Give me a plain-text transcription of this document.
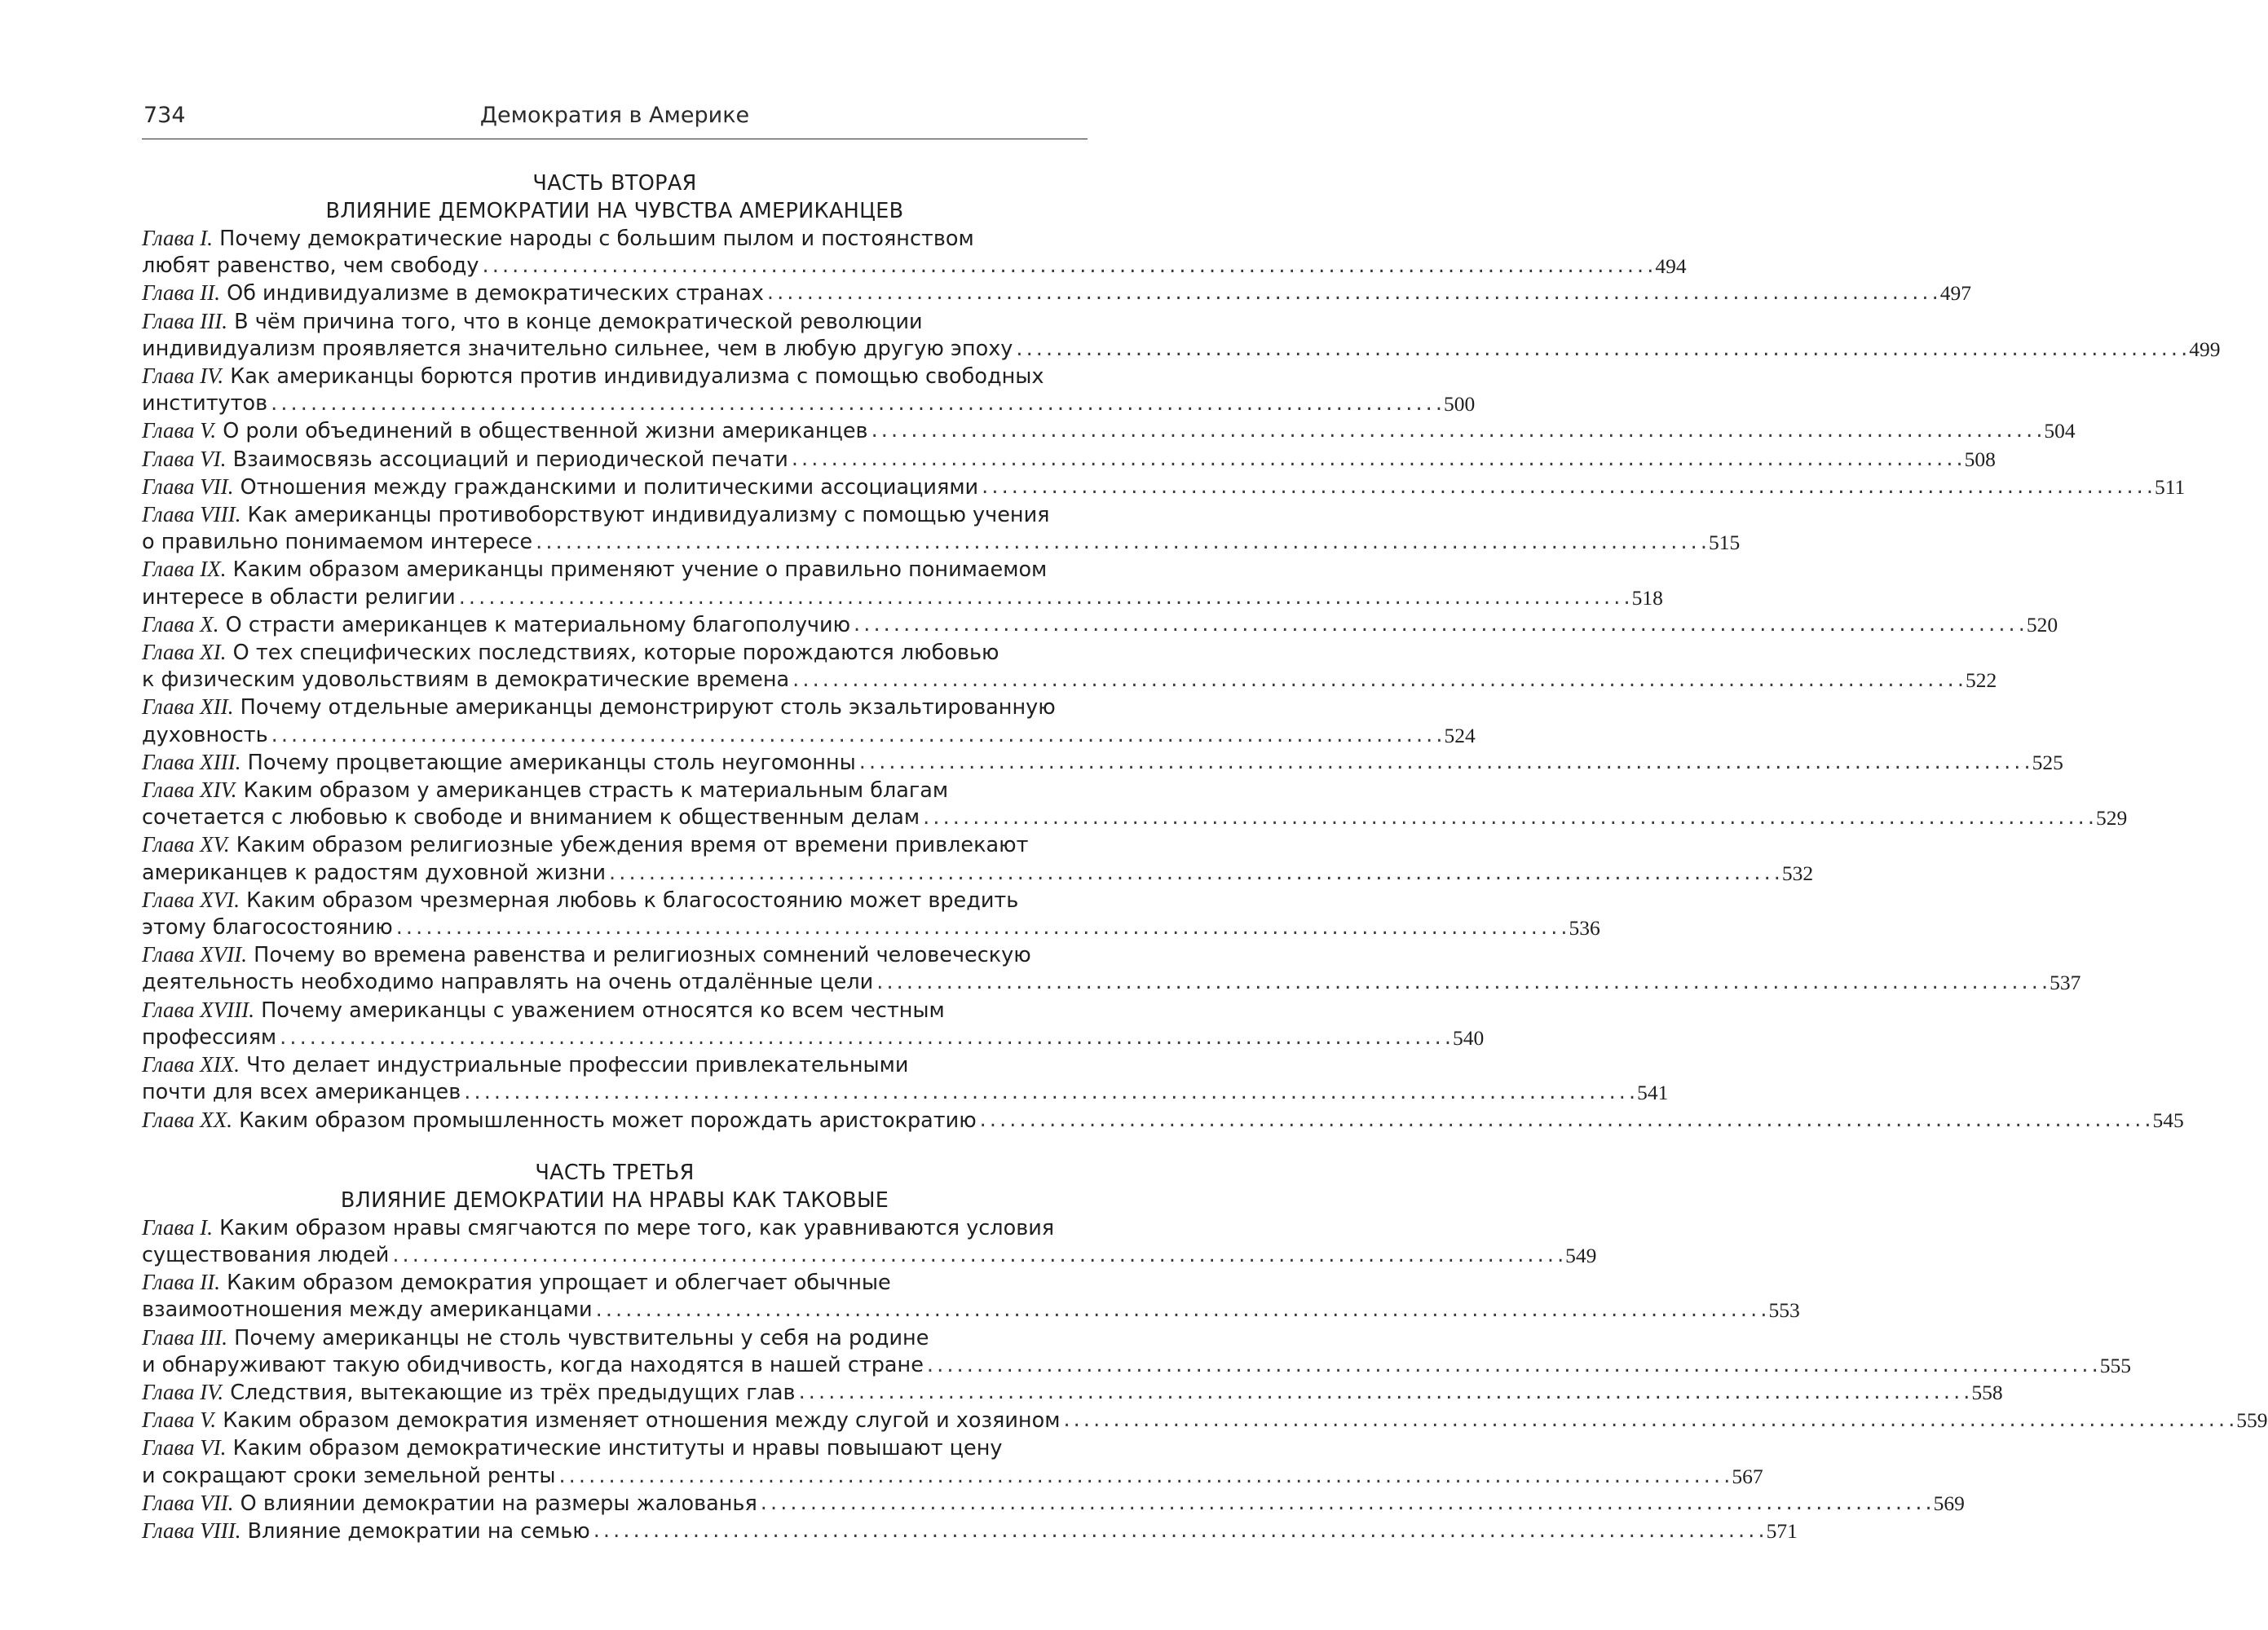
734	Демократия в Америке
ЧАСТЬ ВТОРАЯ
ВЛИЯНИЕ ДЕМОКРАТИИ НА ЧУВСТВА АМЕРИКАНЦЕВ
Глава I. Почему демократические народы с большим пылом и постоянством
любят равенство, чем свободу . . .	494
Глава II. Об индивидуализме в демократических странах . . .	497
Глава III. В чём причина того, что в конце демократической революции
индивидуализм проявляется значительно сильнее, чем в любую другую эпоху . . .	499
Глава IV. Как американцы борются против индивидуализма с помощью свободных
институтов . . .	500
Глава V. О роли объединений в общественной жизни американцев . . .	504
Глава VI. Взаимосвязь ассоциаций и периодической печати . . .	508
Глава VII. Отношения между гражданскими и политическими ассоциациями . . .	511
Глава VIII. Как американцы противоборствуют индивидуализму с помощью учения
о правильно понимаемом интересе . . .	515
Глава IX. Каким образом американцы применяют учение о правильно понимаемом
интересе в области религии . . .	518
Глава X. О страсти американцев к материальному благополучию . . .	520
Глава XI. О тех специфических последствиях, которые порождаются любовью
к физическим удовольствиям в демократические времена . . .	522
Глава XII. Почему отдельные американцы демонстрируют столь экзальтированную
духовность . . .	524
Глава XIII. Почему процветающие американцы столь неугомонны . . .	525
Глава XIV. Каким образом у американцев страсть к материальным благам
сочетается с любовью к свободе и вниманием к общественным делам . . .	529
Глава XV. Каким образом религиозные убеждения время от времени привлекают
американцев к радостям духовной жизни . . .	532
Глава XVI. Каким образом чрезмерная любовь к благосостоянию может вредить
этому благосостоянию . . .	536
Глава XVII. Почему во времена равенства и религиозных сомнений человеческую
деятельность необходимо направлять на очень отдалённые цели . . .	537
Глава XVIII. Почему американцы с уважением относятся ко всем честным
профессиям . . .	540
Глава XIX. Что делает индустриальные профессии привлекательными
почти для всех американцев . . .	541
Глава XX. Каким образом промышленность может порождать аристократию . . .	545
ЧАСТЬ ТРЕТЬЯ
ВЛИЯНИЕ ДЕМОКРАТИИ НА НРАВЫ КАК ТАКОВЫЕ
Глава I. Каким образом нравы смягчаются по мере того, как уравниваются условия
существования людей . . .	549
Глава II. Каким образом демократия упрощает и облегчает обычные
взаимоотношения между американцами . . .	553
Глава III. Почему американцы не столь чувствительны у себя на родине
и обнаруживают такую обидчивость, когда находятся в нашей стране . . .	555
Глава IV. Следствия, вытекающие из трёх предыдущих глав . . .	558
Глава V. Каким образом демократия изменяет отношения между слугой и хозяином . . .	559
Глава VI. Каким образом демократические институты и нравы повышают цену
и сокращают сроки земельной ренты . . .	567
Глава VII. О влиянии демократии на размеры жалованья . . .	569
Глава VIII. Влияние демократии на семью . . .	571
